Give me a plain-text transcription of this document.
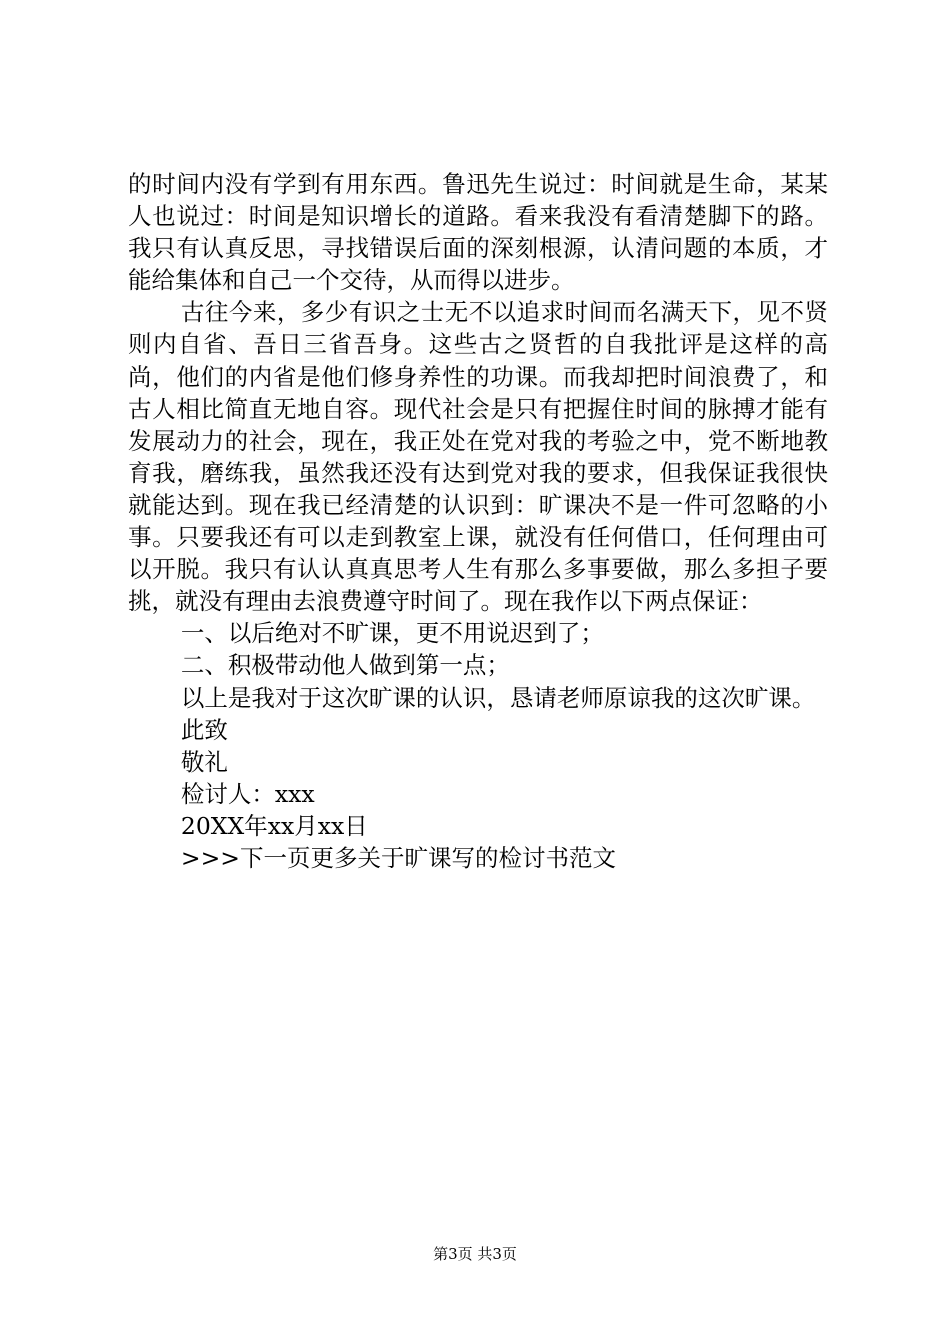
的时间内没有学到有用东西。鲁迅先生说过：时间就是生命，某某人也说过：时间是知识增长的道路。看来我没有看清楚脚下的路。我只有认真反思，寻找错误后面的深刻根源，认清问题的本质，才能给集体和自己一个交待，从而得以进步。

古往今来，多少有识之士无不以追求时间而名满天下，见不贤则内自省、吾日三省吾身。这些古之贤哲的自我批评是这样的高尚，他们的内省是他们修身养性的功课。而我却把时间浪费了，和古人相比简直无地自容。现代社会是只有把握住时间的脉搏才能有发展动力的社会，现在，我正处在党对我的考验之中，党不断地教育我，磨练我，虽然我还没有达到党对我的要求，但我保证我很快就能达到。现在我已经清楚的认识到：旷课决不是一件可忽略的小事。只要我还有可以走到教室上课，就没有任何借口，任何理由可以开脱。我只有认认真真思考人生有那么多事要做，那么多担子要挑，就没有理由去浪费遵守时间了。现在我作以下两点保证：

一、以后绝对不旷课，更不用说迟到了；

二、积极带动他人做到第一点；

以上是我对于这次旷课的认识，恳请老师原谅我的这次旷课。

此致

敬礼

检讨人：xxx

20XX年xx月xx日

>>>下一页更多关于旷课写的检讨书范文

第3页 共3页
